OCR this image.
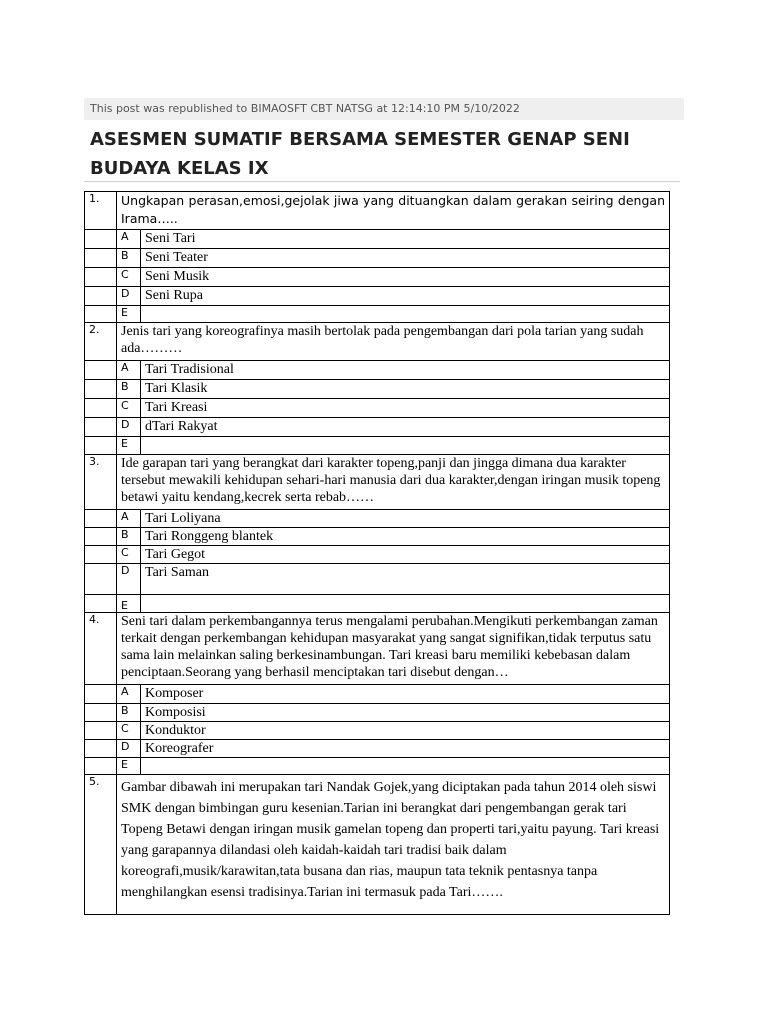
This post was republished to BIMAOSFT CBT NATSG at 12:14:10 PM 5/10/2022
ASESMEN SUMATIF BERSAMA SEMESTER GENAP SENI BUDAYA KELAS IX
1.	Ungkapan perasan,emosi,gejolak jiwa yang dituangkan dalam gerakan seiring dengan Irama…..	
	A	Seni Tari
	B	Seni Teater
	C	Seni Musik
	D	Seni Rupa
	E	
2.	Jenis tari yang koreografinya masih bertolak pada pengembangan dari pola tarian yang sudah ada………	
	A	Tari Tradisional
	B	Tari Klasik
	C	Tari Kreasi
	D	dTari Rakyat
	E	
3.	Ide garapan tari yang berangkat dari karakter topeng,panji dan jingga dimana dua karakter tersebut mewakili kehidupan sehari-hari manusia dari dua karakter,dengan iringan musik topeng betawi yaitu kendang,kecrek serta rebab……	
	A	Tari Loliyana
	B	Tari Ronggeng blantek
	C	Tari Gegot
	D	Tari Saman
	E	
4.	Seni tari dalam perkembangannya terus mengalami perubahan.Mengikuti perkembangan zaman terkait dengan perkembangan kehidupan masyarakat yang sangat signifikan,tidak terputus satu sama lain melainkan saling berkesinambungan. Tari kreasi baru memiliki kebebasan dalam penciptaan.Seorang yang berhasil menciptakan tari disebut dengan…	
	A	Komposer
	B	Komposisi
	C	Konduktor
	D	Koreografer
	E	
5.	Gambar dibawah ini merupakan tari Nandak Gojek,yang diciptakan pada tahun 2014 oleh siswi SMK dengan bimbingan guru kesenian.Tarian ini berangkat dari pengembangan gerak tari Topeng Betawi dengan iringan musik gamelan topeng dan properti tari,yaitu payung. Tari kreasi yang garapannya dilandasi oleh kaidah-kaidah tari tradisi baik dalam koreografi,musik/karawitan,tata busana dan rias, maupun tata teknik pentasnya tanpa menghilangkan esensi tradisinya.Tarian ini termasuk pada Tari…….	
